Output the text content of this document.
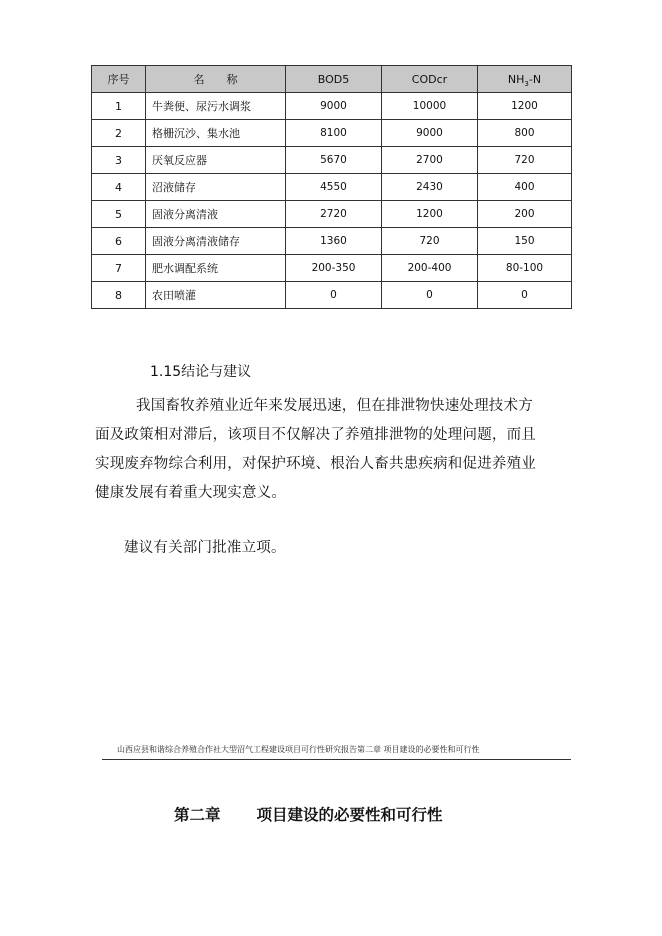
序号	名　　称	BOD5	CODcr	$NH_3-N$
1	牛粪便、尿污水调浆	9000	10000	1200
2	格栅沉沙、集水池	8100	9000	800
3	厌氧反应器	5670	2700	720
4	沼液储存	4550	2430	400
5	固液分离清液	2720	1200	200
6	固液分离清液储存	1360	720	150
7	肥水调配系统	200-350	200-400	80-100
8	农田喷灌	0	0	0
1.15结论与建议
我国畜牧养殖业近年来发展迅速，但在排泄物快速处理技术方
面及政策相对滞后，该项目不仅解决了养殖排泄物的处理问题，而且
实现废弃物综合利用，对保护环境、根治人畜共患疾病和促进养殖业
健康发展有着重大现实意义。
建议有关部门批准立项。
山西应县和谐综合养殖合作社大型沼气工程建设项目可行性研究报告第二章 项目建设的必要性和可行性
第二章 项目建设的必要性和可行性
